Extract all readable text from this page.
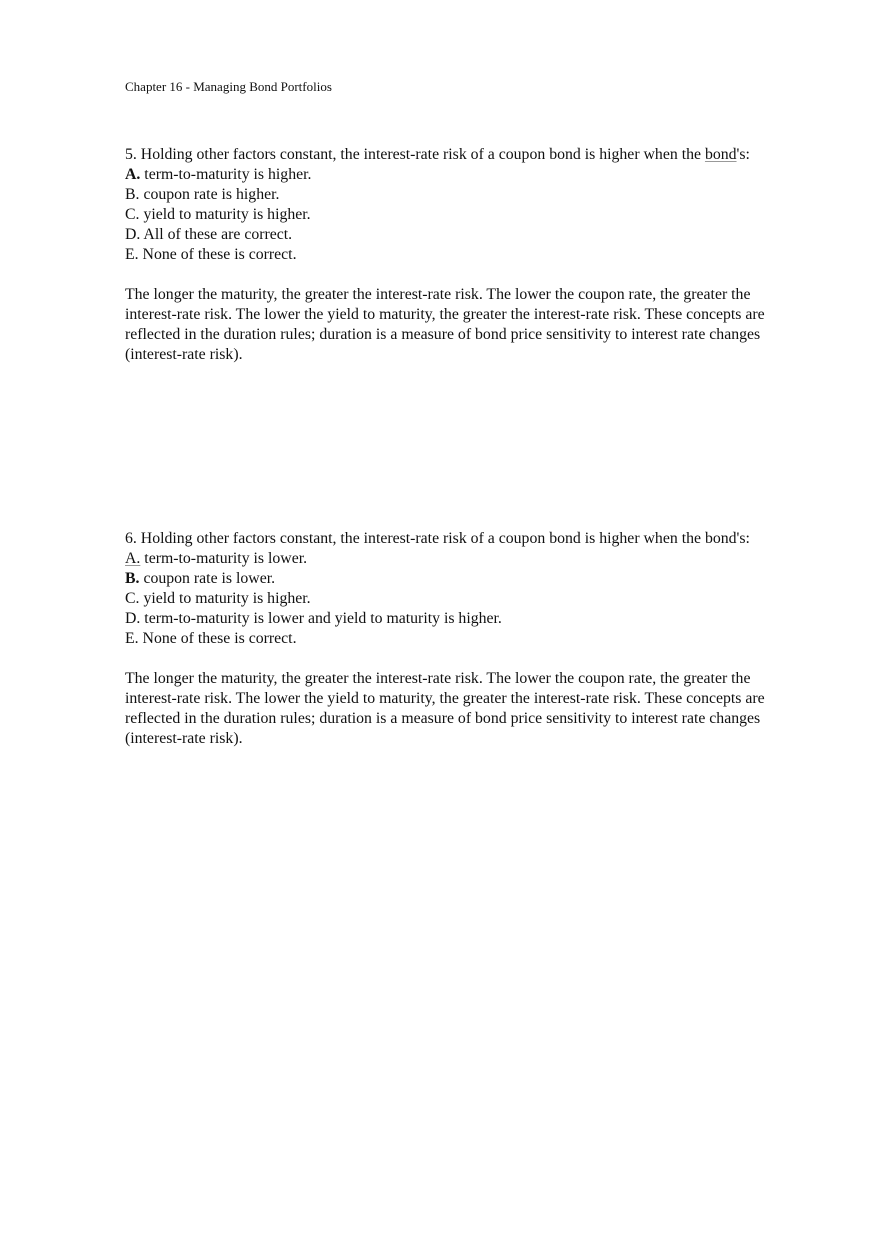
Chapter 16 - Managing Bond Portfolios

5. Holding other factors constant, the interest-rate risk of a coupon bond is higher when the bond's:

A. term-to-maturity is higher.
B. coupon rate is higher.
C. yield to maturity is higher.
D. All of these are correct.
E. None of these is correct.

The longer the maturity, the greater the interest-rate risk. The lower the coupon rate, the greater the interest-rate risk. The lower the yield to maturity, the greater the interest-rate risk. These concepts are reflected in the duration rules; duration is a measure of bond price sensitivity to interest rate changes (interest-rate risk).

6. Holding other factors constant, the interest-rate risk of a coupon bond is higher when the bond's:

A. term-to-maturity is lower.
B. coupon rate is lower.
C. yield to maturity is higher.
D. term-to-maturity is lower and yield to maturity is higher.
E. None of these is correct.

The longer the maturity, the greater the interest-rate risk. The lower the coupon rate, the greater the interest-rate risk. The lower the yield to maturity, the greater the interest-rate risk. These concepts are reflected in the duration rules; duration is a measure of bond price sensitivity to interest rate changes (interest-rate risk).
